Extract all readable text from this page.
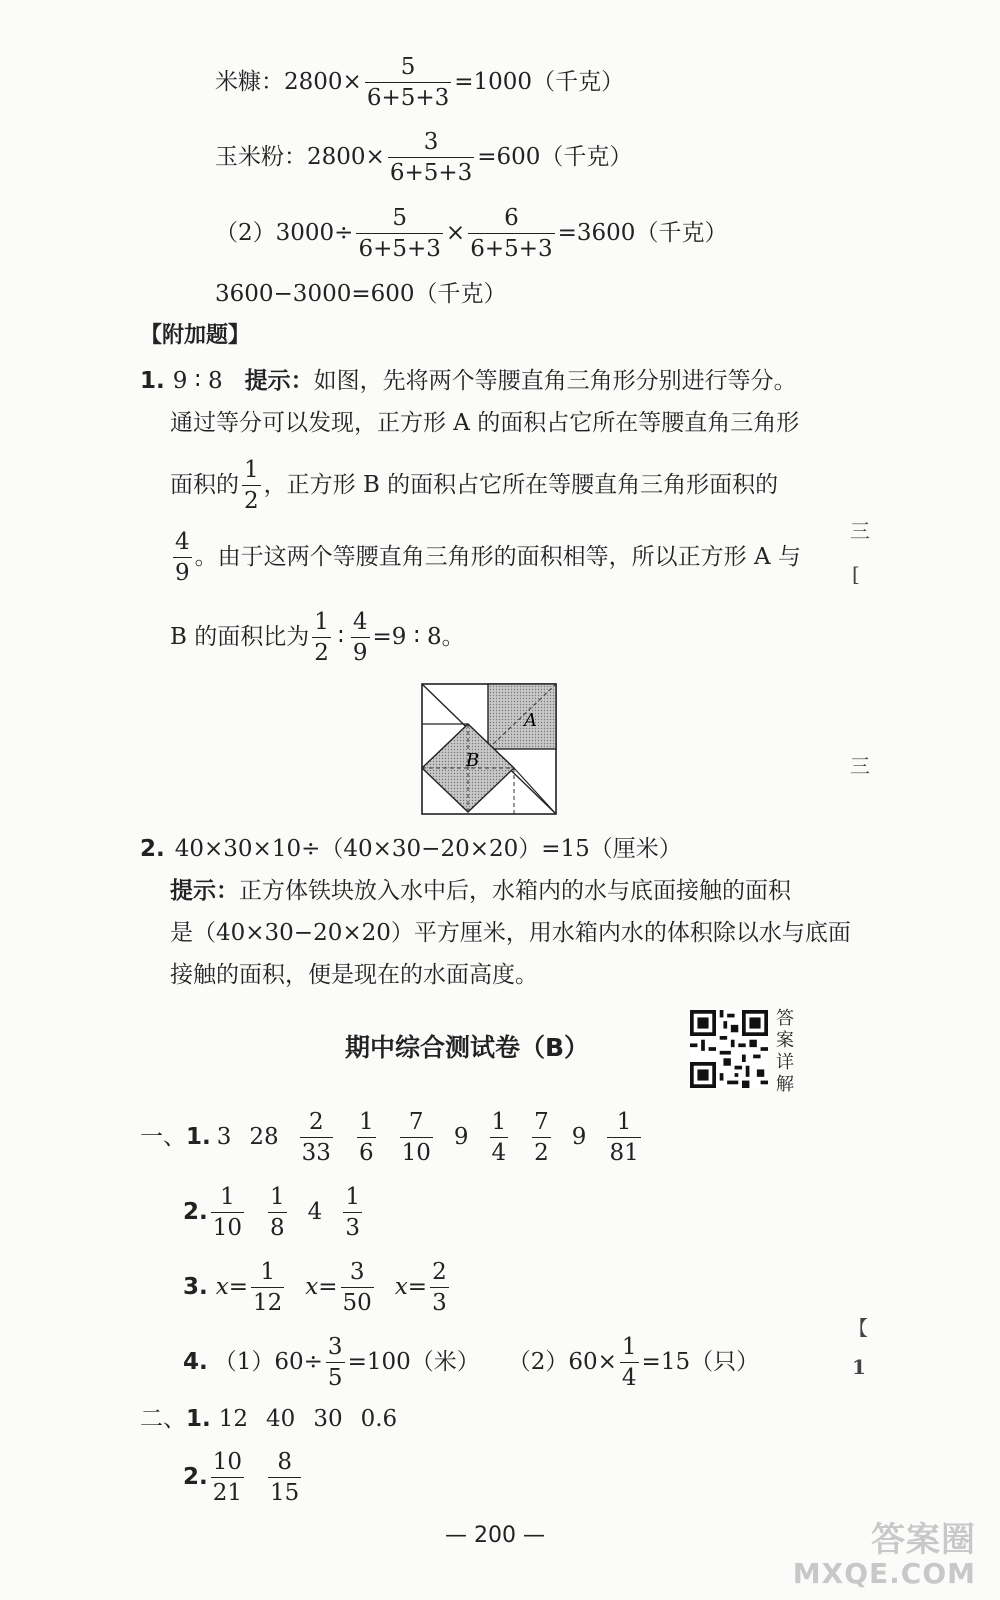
米糠：$2800\times \frac{5}{6+5+3} =1000$（千克）
玉米粉：$2800\times \frac{3}{6+5+3} =600$（千克）
$(2)3000\div \frac{5}{6+5+3} \times \frac{6}{6+5+3} =3600$（千克）
3600−3000=600（千克）
【附加题】
1. 9 ∶ 8 提示： 如图，先将两个等腰直角三角形分别进行等分。
通过等分可以发现，正方形 A 的面积占它所在等腰直角三角形
面积的
1
2
，正方形 B 的面积占它所在等腰直角三角形面积的
4
9
。由于这两个等腰直角三角形的面积相等，所以正方形 A 与
B 的面积比为
1
2
∶ $\frac{4}{9} =9$ ∶ 8。
A
B
2. 40×30×10÷（40×30−20×20）=15（厘米）
提示： 正方体铁块放入水中后，水箱内的水与底面接触的面积
是（40×30−20×20）平方厘米，用水箱内水的体积除以水与底面
接触的面积，便是现在的水面高度。
期中综合测试卷（B）
答案详解
一、 1. 3 28
2
33
1
6
7
10
9
1
4
7
2
9
1
81
2.
1
10
1
8
4
1
3
3. $x= \frac{1}{12} x= \frac{3}{50} x= \frac{2}{3}$
4. $(1)60\div \frac{3}{5} =100$（米） $(2)60\times \frac{1}{4} =15$（只）
二、 1. 12 40 30 0.6
2.
10
21
8
15
— 200 —
三
[
三
【
1
答案圈
MXQE.COM
